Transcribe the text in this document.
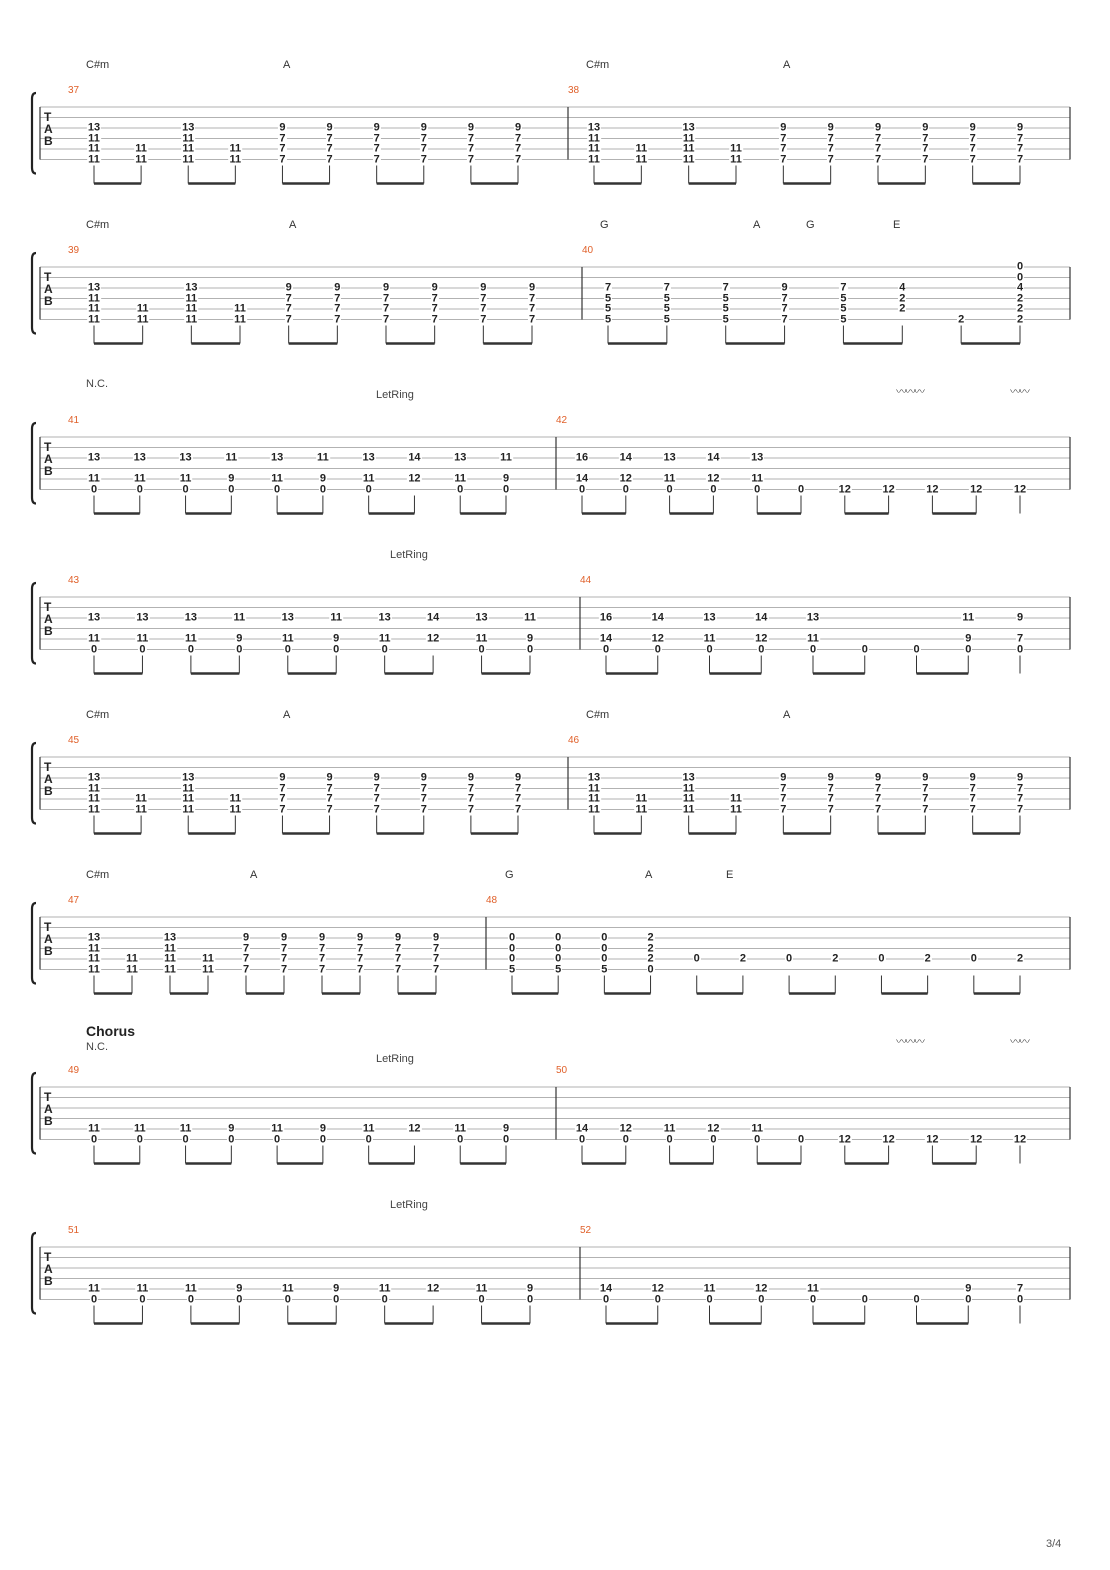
T
A
B
37
C#m	A
13
11
11
11
11
11
13
11
11
11
11
11
9
7
7
7
9
7
7
7
9
7
7
7
9
7
7
7
9
7
7
7
9
7
7
7
38
C#m	A
13
11
11
11
11
11
13
11
11
11
11
11
9
7
7
7
9
7
7
7
9
7
7
7
9
7
7
7
9
7
7
7
9
7
7
7
T
A
B
39
C#m	A
13
11
11
11
11
11
13
11
11
11
11
11
9
7
7
7
9
7
7
7
9
7
7
7
9
7
7
7
9
7
7
7
9
7
7
7
40
G	A	G	E
7
5
5
5
7
5
5
5
7
5
5
5
9
7
7
7
7
5
5
5
4
2
2
2
0
0
4
2
2
2
T
A
B
N.C.
〰〰〰	〰〰
LetRing
41
13
11
0
13
11
0
13
11
0
11
9
0
13
11
0
11
9
0
13
11
0
14
12
13
11
0
11
9
0
42
16
14
0
14
12
0
13
11
0
14
12
0
13
11
0	0	12	12	12	12	12
T
A
B
LetRing
43
13
11
0
13
11
0
13
11
0
11
9
0
13
11
0
11
9
0
13
11
0
14
12
13
11
0
11
9
0
44
16
14
0
14
12
0
13
11
0
14
12
0
13
11
0	0	0
11
9
0
9
7
0
T
A
B
45
C#m	A
13
11
11
11
11
11
13
11
11
11
11
11
9
7
7
7
9
7
7
7
9
7
7
7
9
7
7
7
9
7
7
7
9
7
7
7
46
C#m	A
13
11
11
11
11
11
13
11
11
11
11
11
9
7
7
7
9
7
7
7
9
7
7
7
9
7
7
7
9
7
7
7
9
7
7
7
T
A
B
47
C#m	A
13
11
11
11
11
11
13
11
11
11
11
11
9
7
7
7
9
7
7
7
9
7
7
7
9
7
7
7
9
7
7
7
9
7
7
7
48
G	A	E
0
0
0
5
0
0
0
5
0
0
0
5
2
2
2
0
0	2	0	2	0	2	0	2
T
A
B
Chorus
N.C.	〰〰〰	〰〰
LetRing
49
11
0
11
0
11
0
9
0
11
0
9
0
11
0
12	11
0
9
0
50
14
0
12
0
11
0
12
0
11
0	0	12	12	12	12	12
T
A
B
LetRing
51
11
0
11
0
11
0
9
0
11
0
9
0
11
0
12	11
0
9
0
52
14
0
12
0
11
0
12
0
11
0	0	0
9
0
7
0
3/4
